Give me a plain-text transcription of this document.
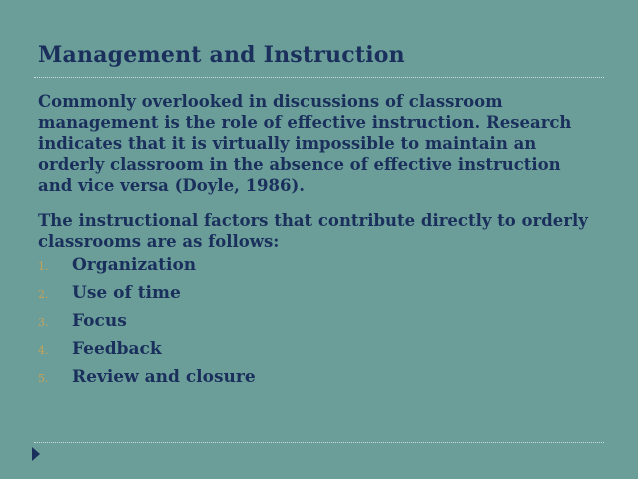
Management and Instruction

Commonly overlooked in discussions of classroom management is the role of effective instruction. Research indicates that it is virtually impossible to maintain an orderly classroom in the absence of effective instruction and vice versa (Doyle, 1986).

The instructional factors that contribute directly to orderly classrooms are as follows:

1.	Organization
2.	Use of time
3.	Focus
4.	Feedback
5.	Review and closure
